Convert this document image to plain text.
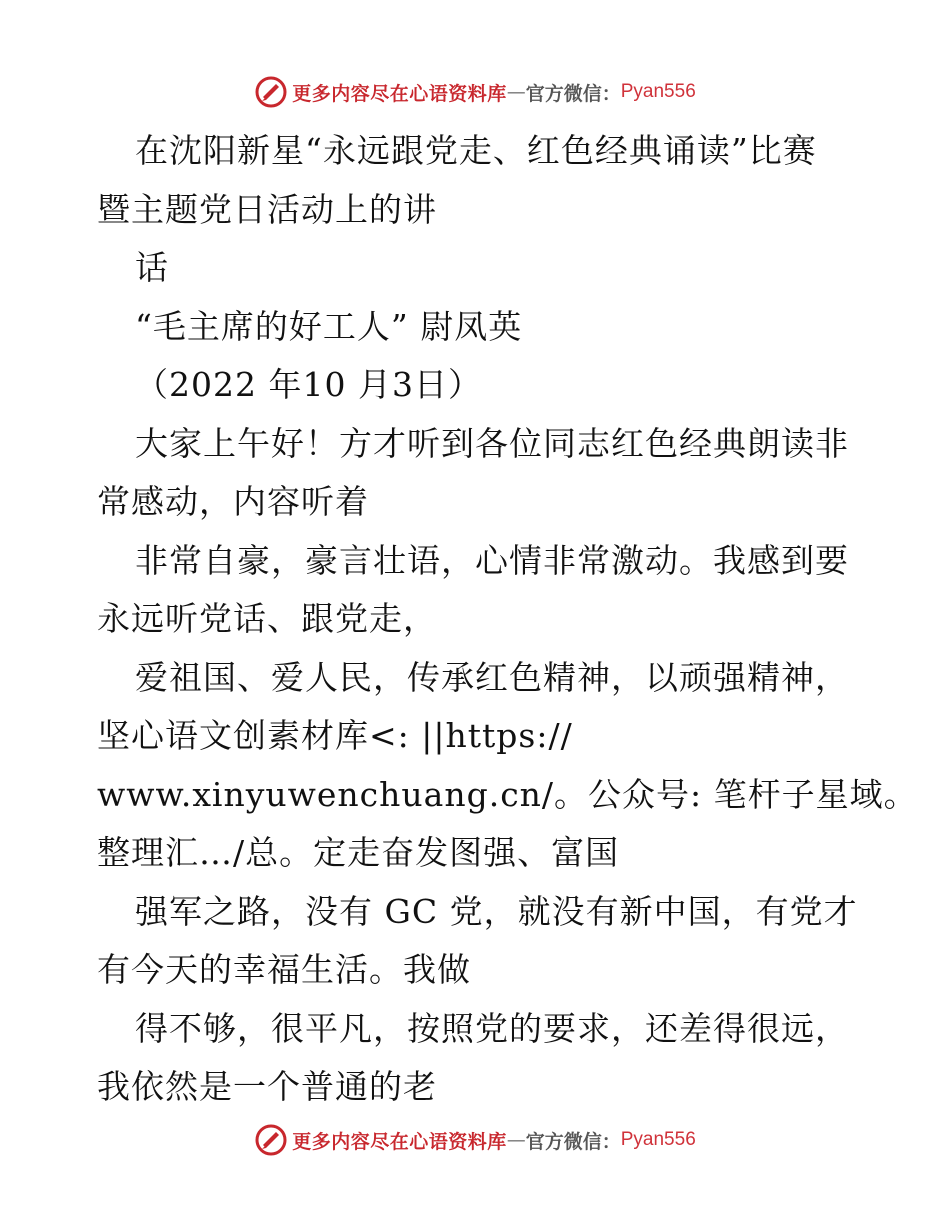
更多内容尽在心语资料库 — 官方微信： Pyan556
在沈阳新星“永远跟党走、红色经典诵读”比赛
暨主题党日活动上的讲
话
“毛主席的好工人” 尉凤英
（2022 年10 月3日）
大家上午好！方才听到各位同志红色经典朗读非
常感动，内容听着
非常自豪，豪言壮语，心情非常激动。我感到要
永远听党话、跟党走，
爱祖国、爱人民，传承红色精神，以顽强精神，
坚心语文创素材库<: ||https://
www.xinyuwenchuang.cn/。公众号: 笔杆子星域。
整理汇…/总。定走奋发图强、富国
强军之路，没有 GC 党，就没有新中国，有党才
有今天的幸福生活。我做
得不够，很平凡，按照党的要求，还差得很远，
我依然是一个普通的老
更多内容尽在心语资料库 — 官方微信： Pyan556
